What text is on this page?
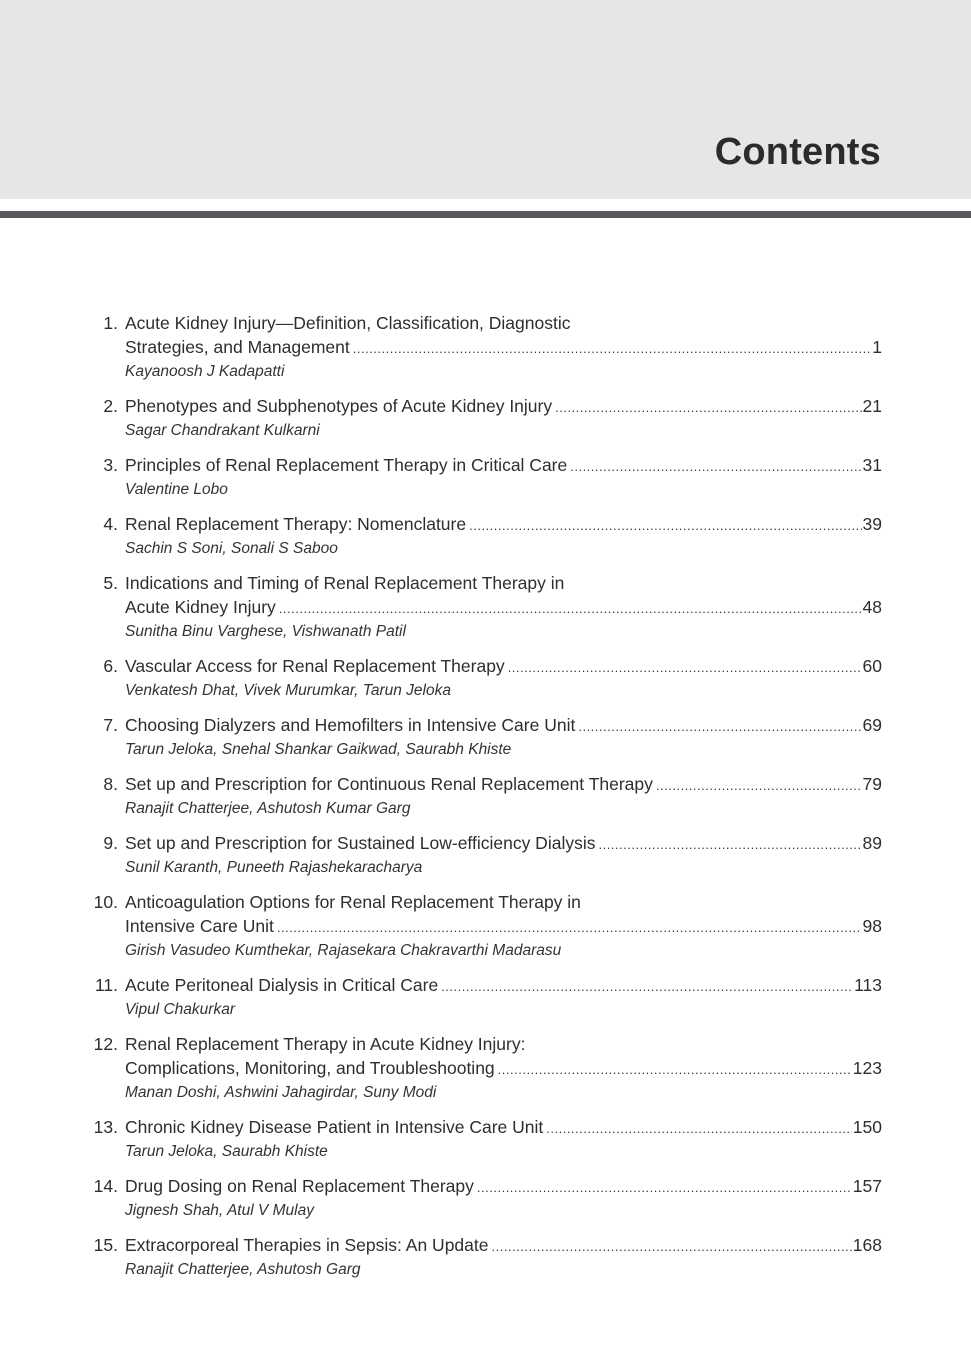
Contents
1. Acute Kidney Injury—Definition, Classification, Diagnostic
Strategies, and Management .....	1
Kayanoosh J Kadapatti
2. Phenotypes and Subphenotypes of Acute Kidney Injury .....	21
Sagar Chandrakant Kulkarni
3. Principles of Renal Replacement Therapy in Critical Care .....	31
Valentine Lobo
4. Renal Replacement Therapy: Nomenclature .....	39
Sachin S Soni, Sonali S Saboo
5. Indications and Timing of Renal Replacement Therapy in
Acute Kidney Injury .....	48
Sunitha Binu Varghese, Vishwanath Patil
6. Vascular Access for Renal Replacement Therapy .....	60
Venkatesh Dhat, Vivek Murumkar, Tarun Jeloka
7. Choosing Dialyzers and Hemofilters in Intensive Care Unit .....	69
Tarun Jeloka, Snehal Shankar Gaikwad, Saurabh Khiste
8. Set up and Prescription for Continuous Renal Replacement Therapy .....	79
Ranajit Chatterjee, Ashutosh Kumar Garg
9. Set up and Prescription for Sustained Low-efficiency Dialysis .....	89
Sunil Karanth, Puneeth Rajashekaracharya
10. Anticoagulation Options for Renal Replacement Therapy in
Intensive Care Unit .....	98
Girish Vasudeo Kumthekar, Rajasekara Chakravarthi Madarasu
11. Acute Peritoneal Dialysis in Critical Care .....	113
Vipul Chakurkar
12. Renal Replacement Therapy in Acute Kidney Injury:
Complications, Monitoring, and Troubleshooting .....	123
Manan Doshi, Ashwini Jahagirdar, Suny Modi
13. Chronic Kidney Disease Patient in Intensive Care Unit .....	150
Tarun Jeloka, Saurabh Khiste
14. Drug Dosing on Renal Replacement Therapy .....	157
Jignesh Shah, Atul V Mulay
15. Extracorporeal Therapies in Sepsis: An Update .....	168
Ranajit Chatterjee, Ashutosh Garg
